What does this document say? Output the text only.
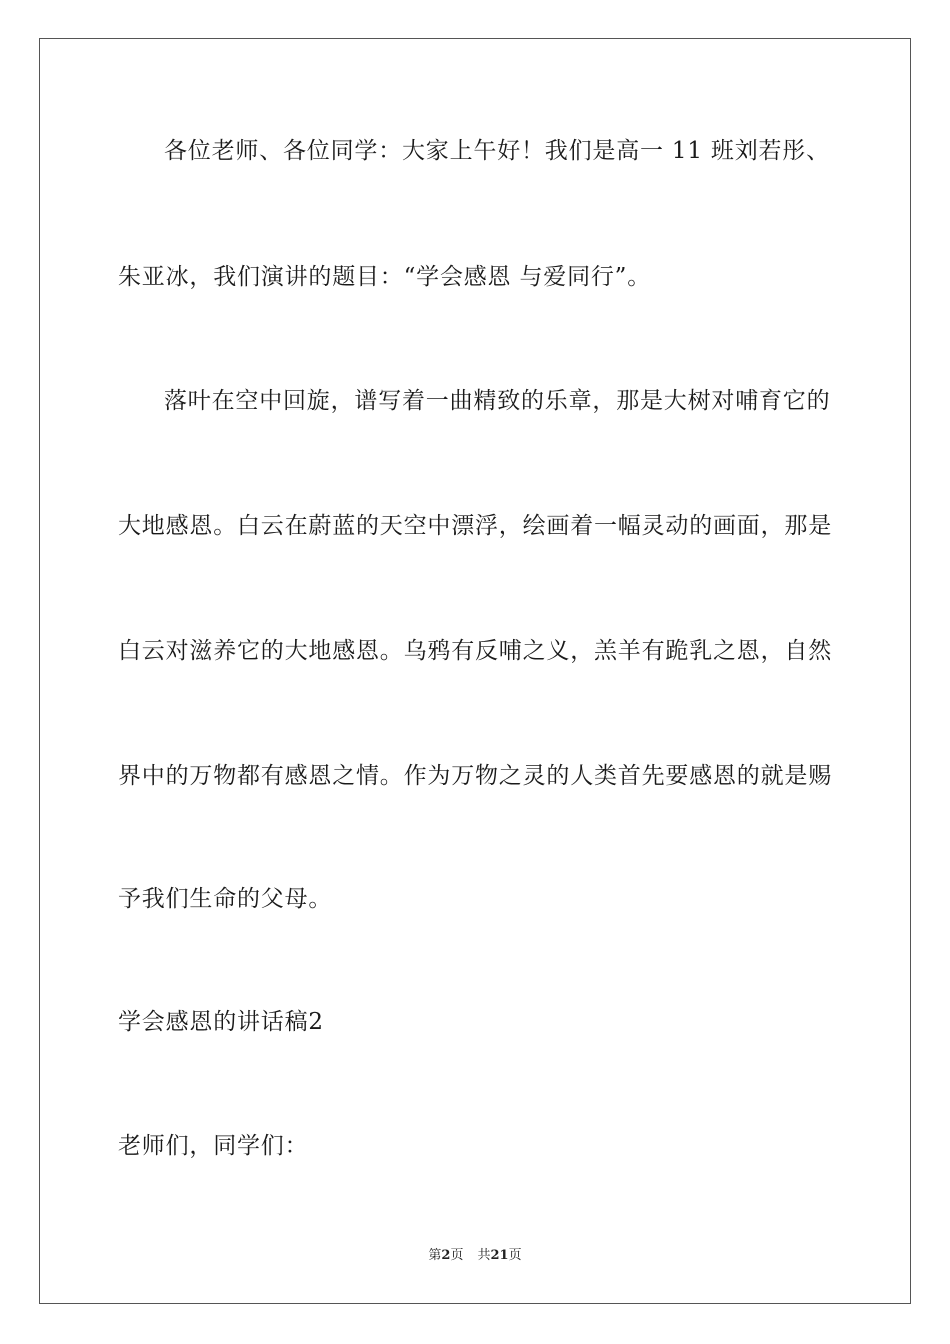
各位老师、各位同学：大家上午好！我们是高一 11 班刘若彤、
朱亚冰，我们演讲的题目：“学会感恩 与爱同行”。
落叶在空中回旋，谱写着一曲精致的乐章，那是大树对哺育它的
大地感恩。白云在蔚蓝的天空中漂浮，绘画着一幅灵动的画面，那是
白云对滋养它的大地感恩。乌鸦有反哺之义，羔羊有跪乳之恩，自然
界中的万物都有感恩之情。作为万物之灵的人类首先要感恩的就是赐
予我们生命的父母。
学会感恩的讲话稿2
老师们，同学们：
第2页 共21页
